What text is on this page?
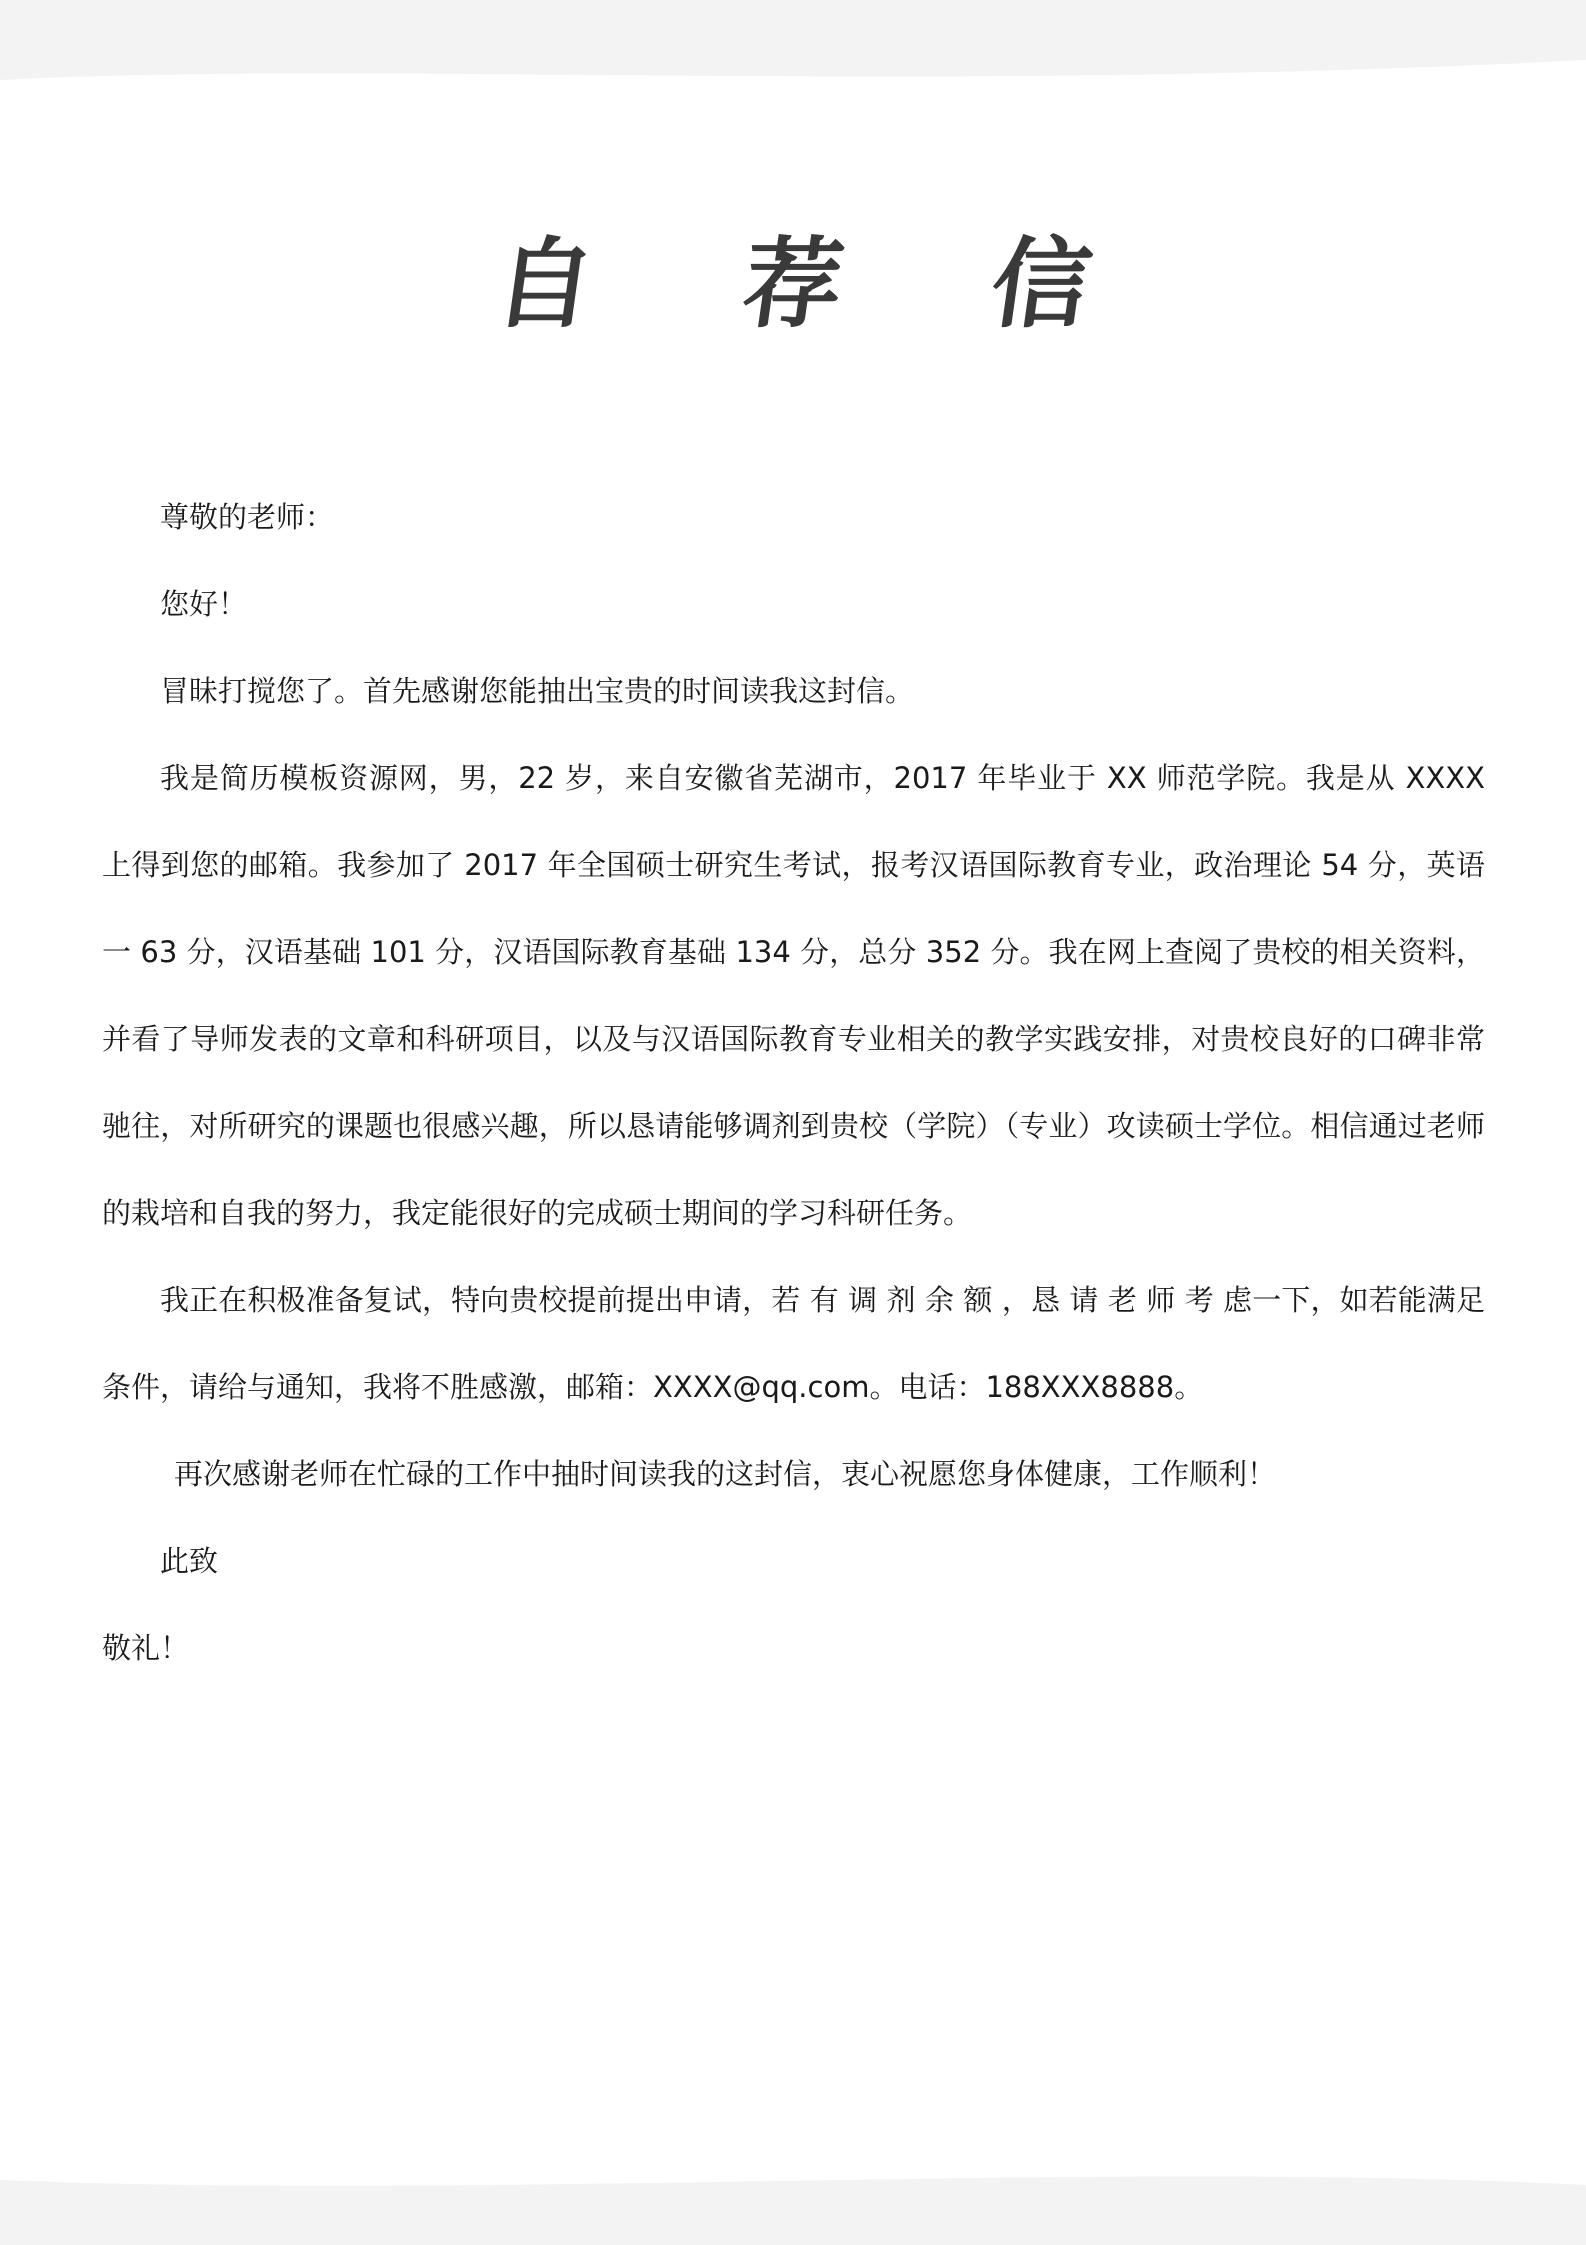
自 荐 信

尊敬的老师：

您好！

冒昧打搅您了。首先感谢您能抽出宝贵的时间读我这封信。

我是简历模板资源网，男，22 岁，来自安徽省芜湖市，2017 年毕业于 XX 师范学院。我是从 XXXX 上得到您的邮箱。我参加了 2017 年全国硕士研究生考试，报考汉语国际教育专业，政治理论 54 分，英语一 63 分，汉语基础 101 分，汉语国际教育基础 134 分，总分 352 分。我在网上查阅了贵校的相关资料，并看了导师发表的文章和科研项目，以及与汉语国际教育专业相关的教学实践安排，对贵校良好的口碑非常驰往，对所研究的课题也很感兴趣，所以恳请能够调剂到贵校（学院）（专业）攻读硕士学位。相信通过老师的栽培和自我的努力，我定能很好的完成硕士期间的学习科研任务。

我正在积极准备复试，特向贵校提前提出申请，若 有 调 剂 余 额 ，恳 请 老 师 考 虑一下，如若能满足条件，请给与通知，我将不胜感激，邮箱：XXXX@qq.com。电话：188XXX8888。

再次感谢老师在忙碌的工作中抽时间读我的这封信，衷心祝愿您身体健康，工作顺利！

此致

敬礼！
